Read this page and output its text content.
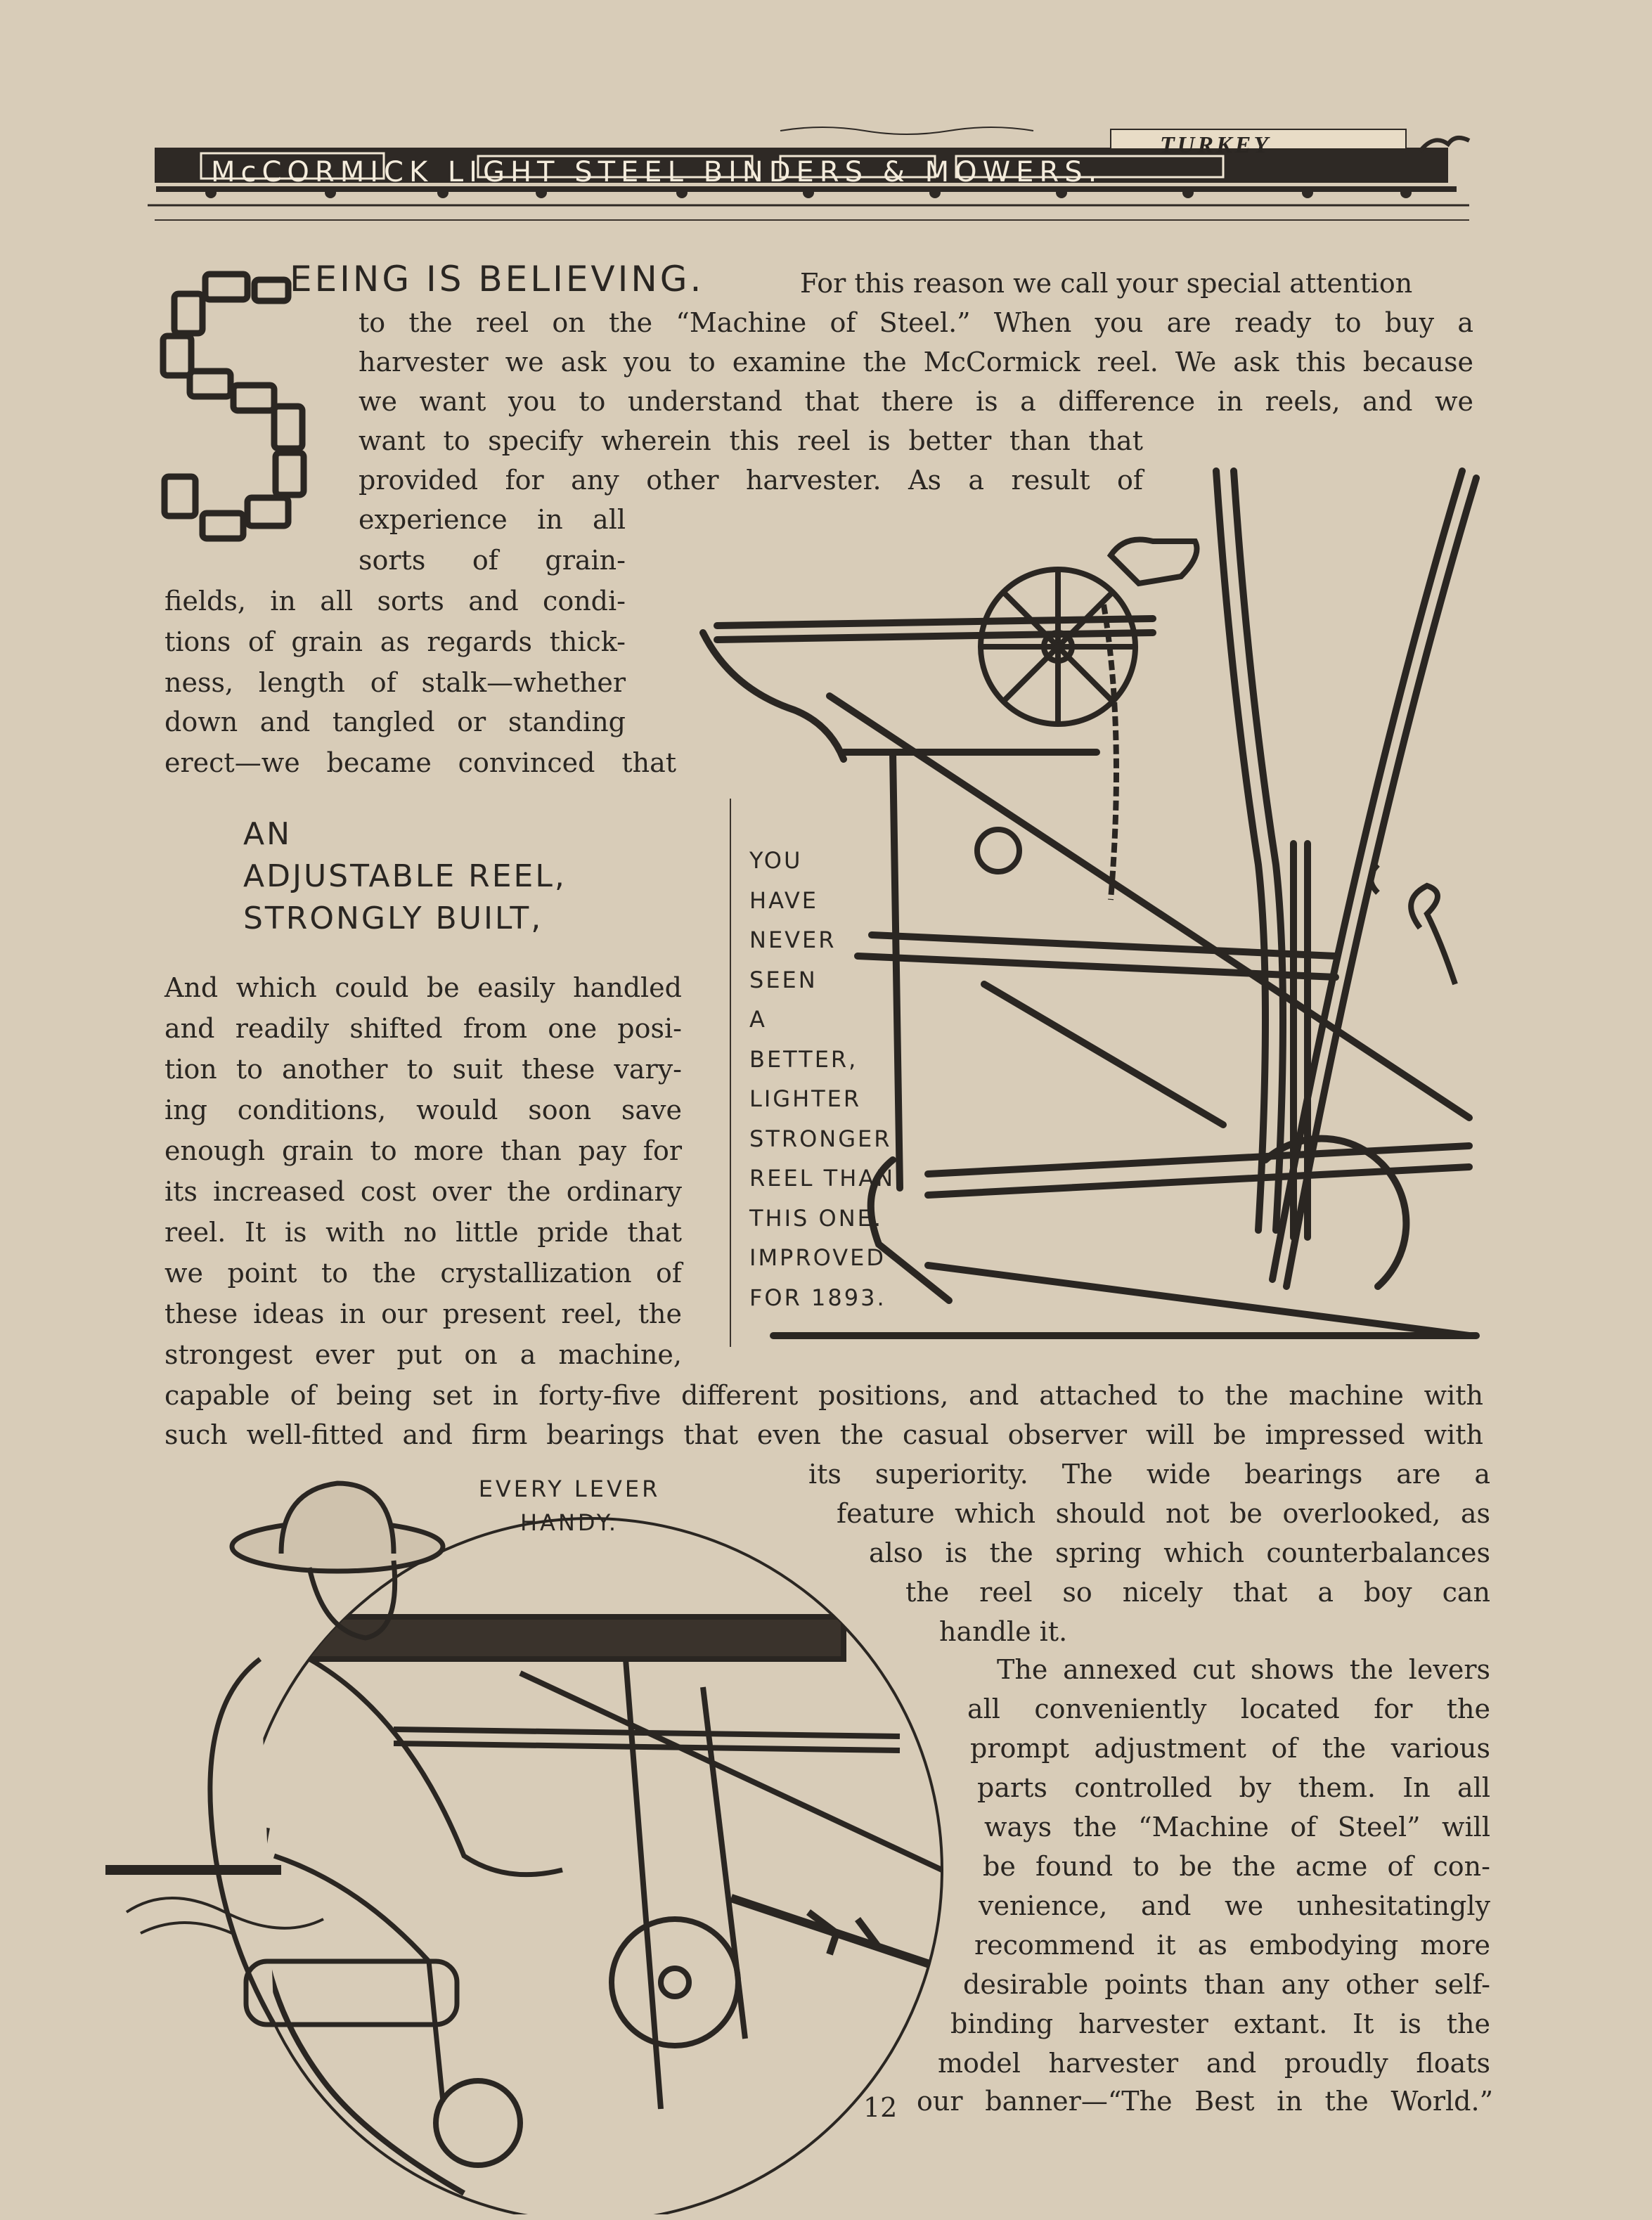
McCORMICK LIGHT STEEL BINDERS & MOWERS.
TURKEY
EEING IS BELIEVING.	For this reason we call your special attention
to the reel on the “Machine of Steel.” When you are ready to buy a
harvester we ask you to examine the McCormick reel. We ask this because
we want you to understand that there is a difference in reels, and we
want to specify wherein this reel is better than that
provided for any other harvester. As a result of
experience in all
sorts of grain-
fields, in all sorts and condi-
tions of grain as regards thick-
ness, length of stalk—whether
down and tangled or standing
erect—we became convinced that
AN
ADJUSTABLE REEL,
STRONGLY BUILT,
And which could be easily handled
and readily shifted from one posi-
tion to another to suit these vary-
ing conditions, would soon save
enough grain to more than pay for
its increased cost over the ordinary
reel. It is with no little pride that
we point to the crystallization of
these ideas in our present reel, the
strongest ever put on a machine,
capable of being set in forty-five different positions, and attached to the machine with
such well-fitted and firm bearings that even the casual observer will be impressed with
its superiority. The wide bearings are a
feature which should not be overlooked, as
also is the spring which counterbalances
the reel so nicely that a boy can
handle it.
The annexed cut shows the levers
all conveniently located for the
prompt adjustment of the various
parts controlled by them. In all
ways the “Machine of Steel” will
be found to be the acme of con-
venience, and we unhesitatingly
recommend it as embodying more
desirable points than any other self-
binding harvester extant. It is the
model harvester and proudly floats
our banner—“The Best in the World.”
YOU
HAVE
NEVER
SEEN
A
BETTER,
LIGHTER
STRONGER
REEL THAN
THIS ONE.
IMPROVED
FOR 1893.
EVERY LEVER
HANDY.
12
